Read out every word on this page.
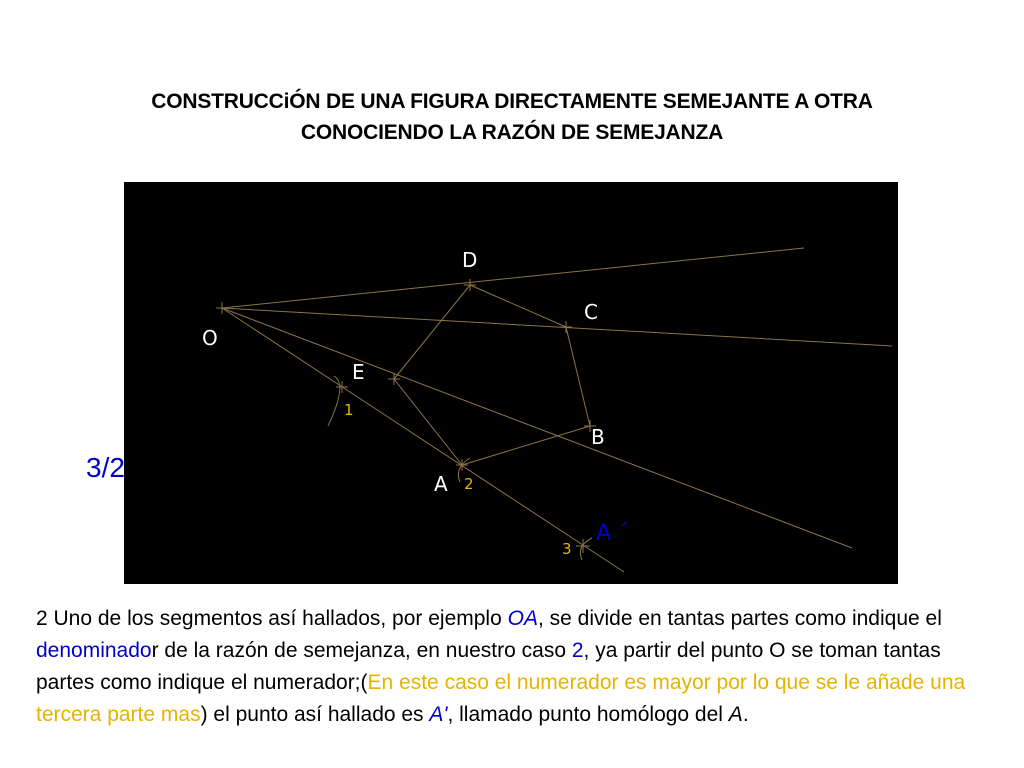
CONSTRUCCiÓN DE UNA FIGURA DIRECTAMENTE SEMEJANTE A OTRA
CONOCIENDO LA RAZÓN DE SEMEJANZA
D
C
O
E
B
A
1
2
3
A ´
3/2
2 Uno de los segmentos así hallados, por ejemplo OA, se divide en tantas partes como indique el denominador de la razón de semejanza, en nuestro caso 2, ya partir del punto O se toman tantas partes como indique el numerador;(En este caso el numerador es mayor por lo que se le añade una tercera parte mas) el punto así hallado es A', llamado punto homólogo del A.
